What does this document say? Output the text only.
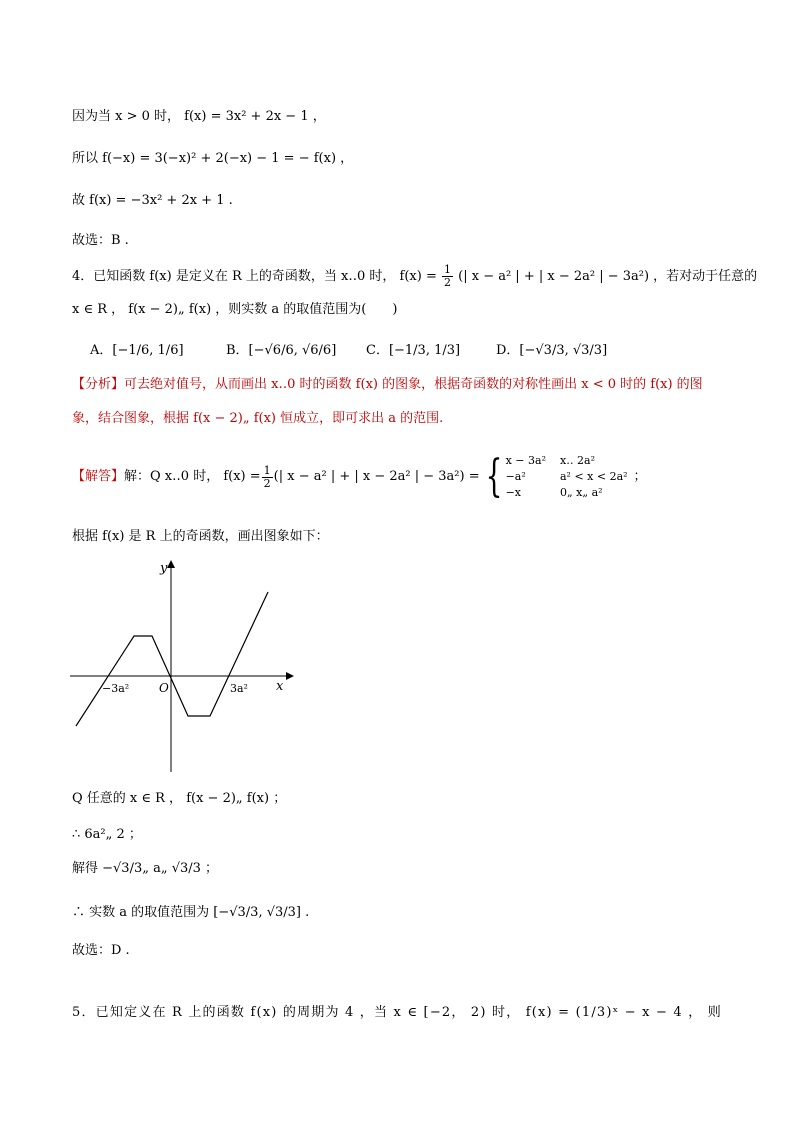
因为当 x > 0 时， f(x) = 3x² + 2x − 1 ，
所以 f(−x) = 3(−x)² + 2(−x) − 1 = − f(x) ，
故 f(x) = −3x² + 2x + 1 .
故选：B .
4．已知函数 f(x) 是定义在 R 上的奇函数，当 x‥0 时， $f(x) = \frac{1}{2}$ (| x − a² | + | x − 2a² | − 3a²) ，若对动于任意的
x ∈ R ， f(x − 2)„ f(x) ，则实数 a 的取值范围为(　　)
A．[−1/6, 1/6]	B．[−√6/6, √6/6] C．[−1/3, 1/3]	D．[−√3/3, √3/3]
【分析】可去绝对值号，从而画出 x‥0 时的函数 f(x) 的图象，根据奇函数的对称性画出 x < 0 时的 f(x) 的图
象，结合图象，根据 f(x − 2)„ f(x) 恒成立，即可求出 a 的范围.
【解答】 解：Q x‥0 时， $f(x) = \frac{1}{2}$ (| x − a² | + | x − 2a² | − 3a²) = { x − 3a² x‥ 2a²
−a²	a² < x < 2a²
−x	0„ x„ a²
；
根据 f(x) 是 R 上的奇函数，画出图象如下：
y
x
O
−3a²	3a²
Q 任意的 x ∈ R ， f(x − 2)„ f(x) ；
∴ 6a²„ 2 ；
解得 −√3/3„ a„ √3/3 ；
∴ 实数 a 的取值范围为 [−√3/3, √3/3] .
故选：D .
5．已知定义在 R 上的函数 f(x) 的周期为 4 ，当 x ∈ [−2， 2) 时， f(x) = (1/3)ˣ − x − 4 ， 则
